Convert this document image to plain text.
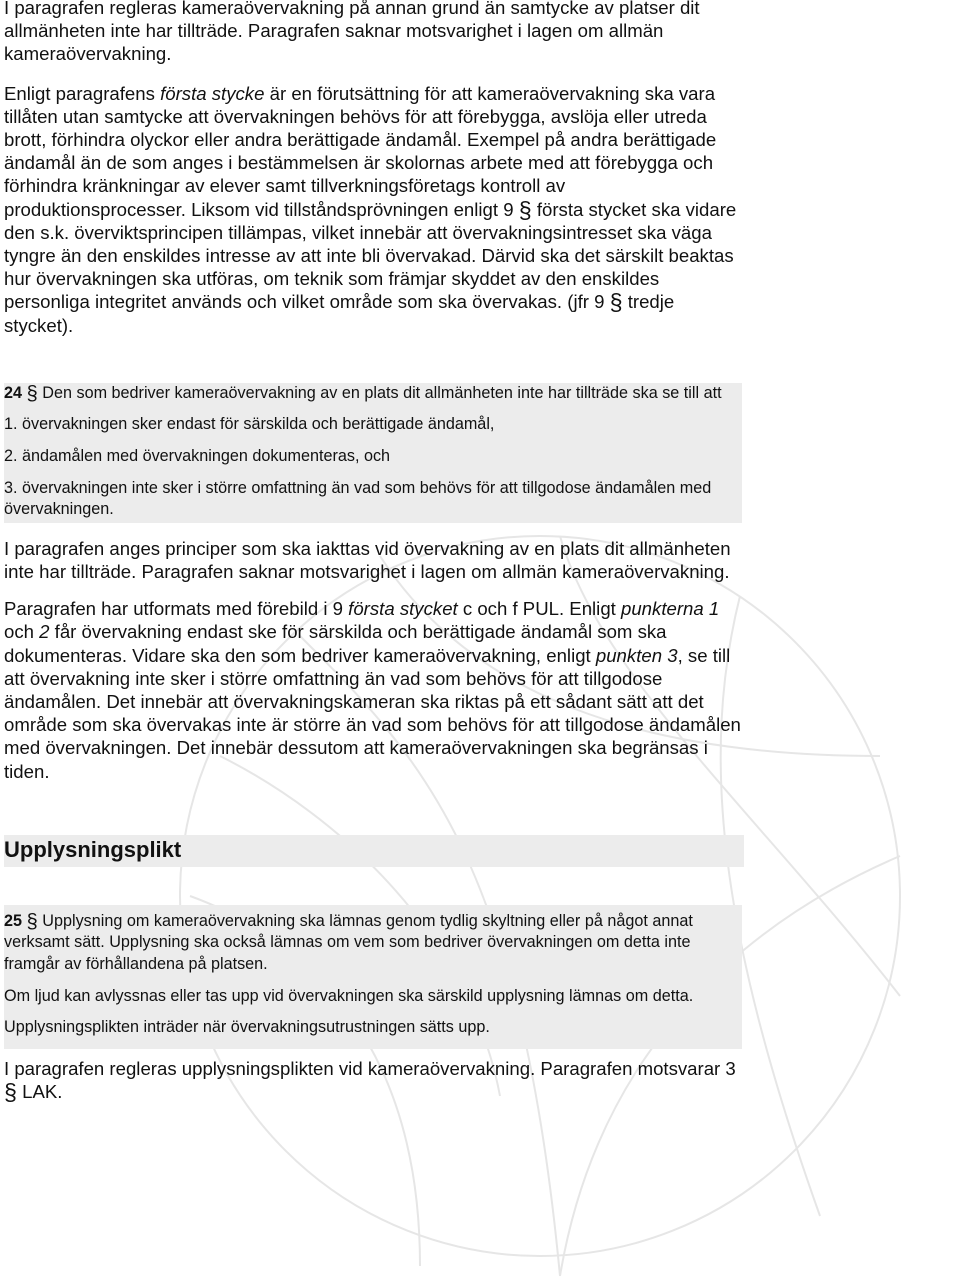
I paragrafen regleras kameraövervakning på annan grund än samtycke av platser dit allmänheten inte har tillträde. Paragrafen saknar motsvarighet i lagen om allmän kameraövervakning.

Enligt paragrafens första stycke är en förutsättning för att kameraövervakning ska vara tillåten utan samtycke att övervakningen behövs för att förebygga, avslöja eller utreda brott, förhindra olyckor eller andra berättigade ändamål. Exempel på andra berättigade ändamål än de som anges i bestämmelsen är skolornas arbete med att förebygga och förhindra kränkningar av elever samt tillverkningsföretags kontroll av produktionsprocesser. Liksom vid tillståndsprövningen enligt 9 § första stycket ska vidare den s.k. överviktsprincipen tillämpas, vilket innebär att övervakningsintresset ska väga tyngre än den enskildes intresse av att inte bli övervakad. Därvid ska det särskilt beaktas hur övervakningen ska utföras, om teknik som främjar skyddet av den enskildes personliga integritet används och vilket område som ska övervakas. (jfr 9 § tredje stycket).

24 § Den som bedriver kameraövervakning av en plats dit allmänheten inte har tillträde ska se till att

1. övervakningen sker endast för särskilda och berättigade ändamål,

2. ändamålen med övervakningen dokumenteras, och

3. övervakningen inte sker i större omfattning än vad som behövs för att tillgodose ändamålen med övervakningen.

I paragrafen anges principer som ska iakttas vid övervakning av en plats dit allmänheten inte har tillträde. Paragrafen saknar motsvarighet i lagen om allmän kameraövervakning.

Paragrafen har utformats med förebild i 9 första stycket c och f PUL. Enligt punkterna 1 och 2 får övervakning endast ske för särskilda och berättigade ändamål som ska dokumenteras. Vidare ska den som bedriver kameraövervakning, enligt punkten 3, se till att övervakning inte sker i större omfattning än vad som behövs för att tillgodose ändamålen. Det innebär att övervakningskameran ska riktas på ett sådant sätt att det område som ska övervakas inte är större än vad som behövs för att tillgodose ändamålen med övervakningen. Det innebär dessutom att kameraövervakningen ska begränsas i tiden.

Upplysningsplikt

25 § Upplysning om kameraövervakning ska lämnas genom tydlig skyltning eller på något annat verksamt sätt. Upplysning ska också lämnas om vem som bedriver övervakningen om detta inte framgår av förhållandena på platsen.

Om ljud kan avlyssnas eller tas upp vid övervakningen ska särskild upplysning lämnas om detta.

Upplysningsplikten inträder när övervakningsutrustningen sätts upp.

I paragrafen regleras upplysningsplikten vid kameraövervakning. Paragrafen motsvarar 3 § LAK.
